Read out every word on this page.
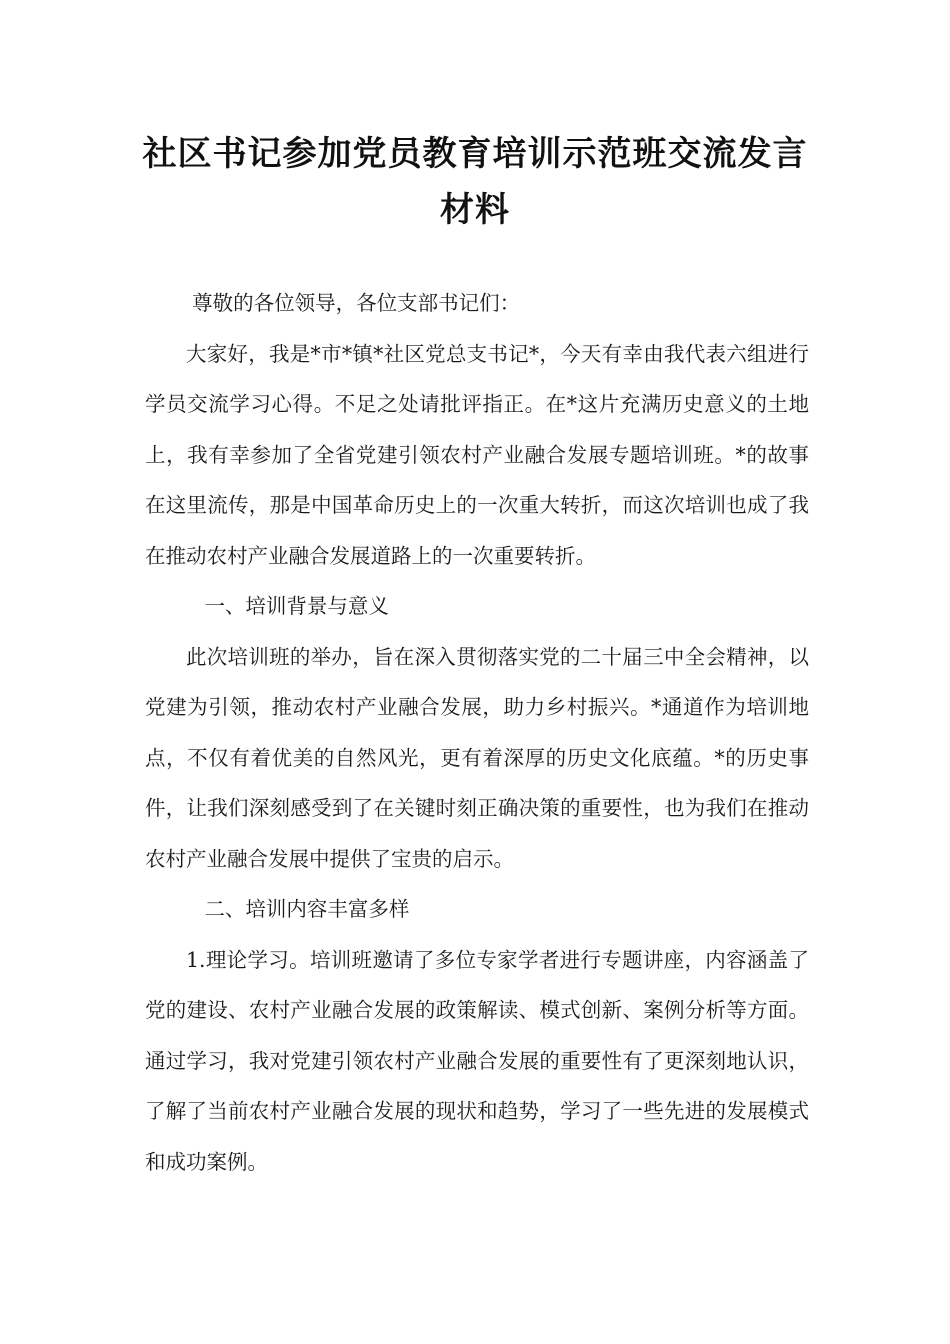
社区书记参加党员教育培训示范班交流发言材料

尊敬的各位领导，各位支部书记们：

大家好，我是*市*镇*社区党总支书记*，今天有幸由我代表六组进行学员交流学习心得。不足之处请批评指正。在*这片充满历史意义的土地上，我有幸参加了全省党建引领农村产业融合发展专题培训班。*的故事在这里流传，那是中国革命历史上的一次重大转折，而这次培训也成了我在推动农村产业融合发展道路上的一次重要转折。

一、培训背景与意义

此次培训班的举办，旨在深入贯彻落实党的二十届三中全会精神，以党建为引领，推动农村产业融合发展，助力乡村振兴。*通道作为培训地点，不仅有着优美的自然风光，更有着深厚的历史文化底蕴。*的历史事件，让我们深刻感受到了在关键时刻正确决策的重要性，也为我们在推动农村产业融合发展中提供了宝贵的启示。

二、培训内容丰富多样

1.理论学习。培训班邀请了多位专家学者进行专题讲座，内容涵盖了党的建设、农村产业融合发展的政策解读、模式创新、案例分析等方面。通过学习，我对党建引领农村产业融合发展的重要性有了更深刻地认识，了解了当前农村产业融合发展的现状和趋势，学习了一些先进的发展模式和成功案例。
